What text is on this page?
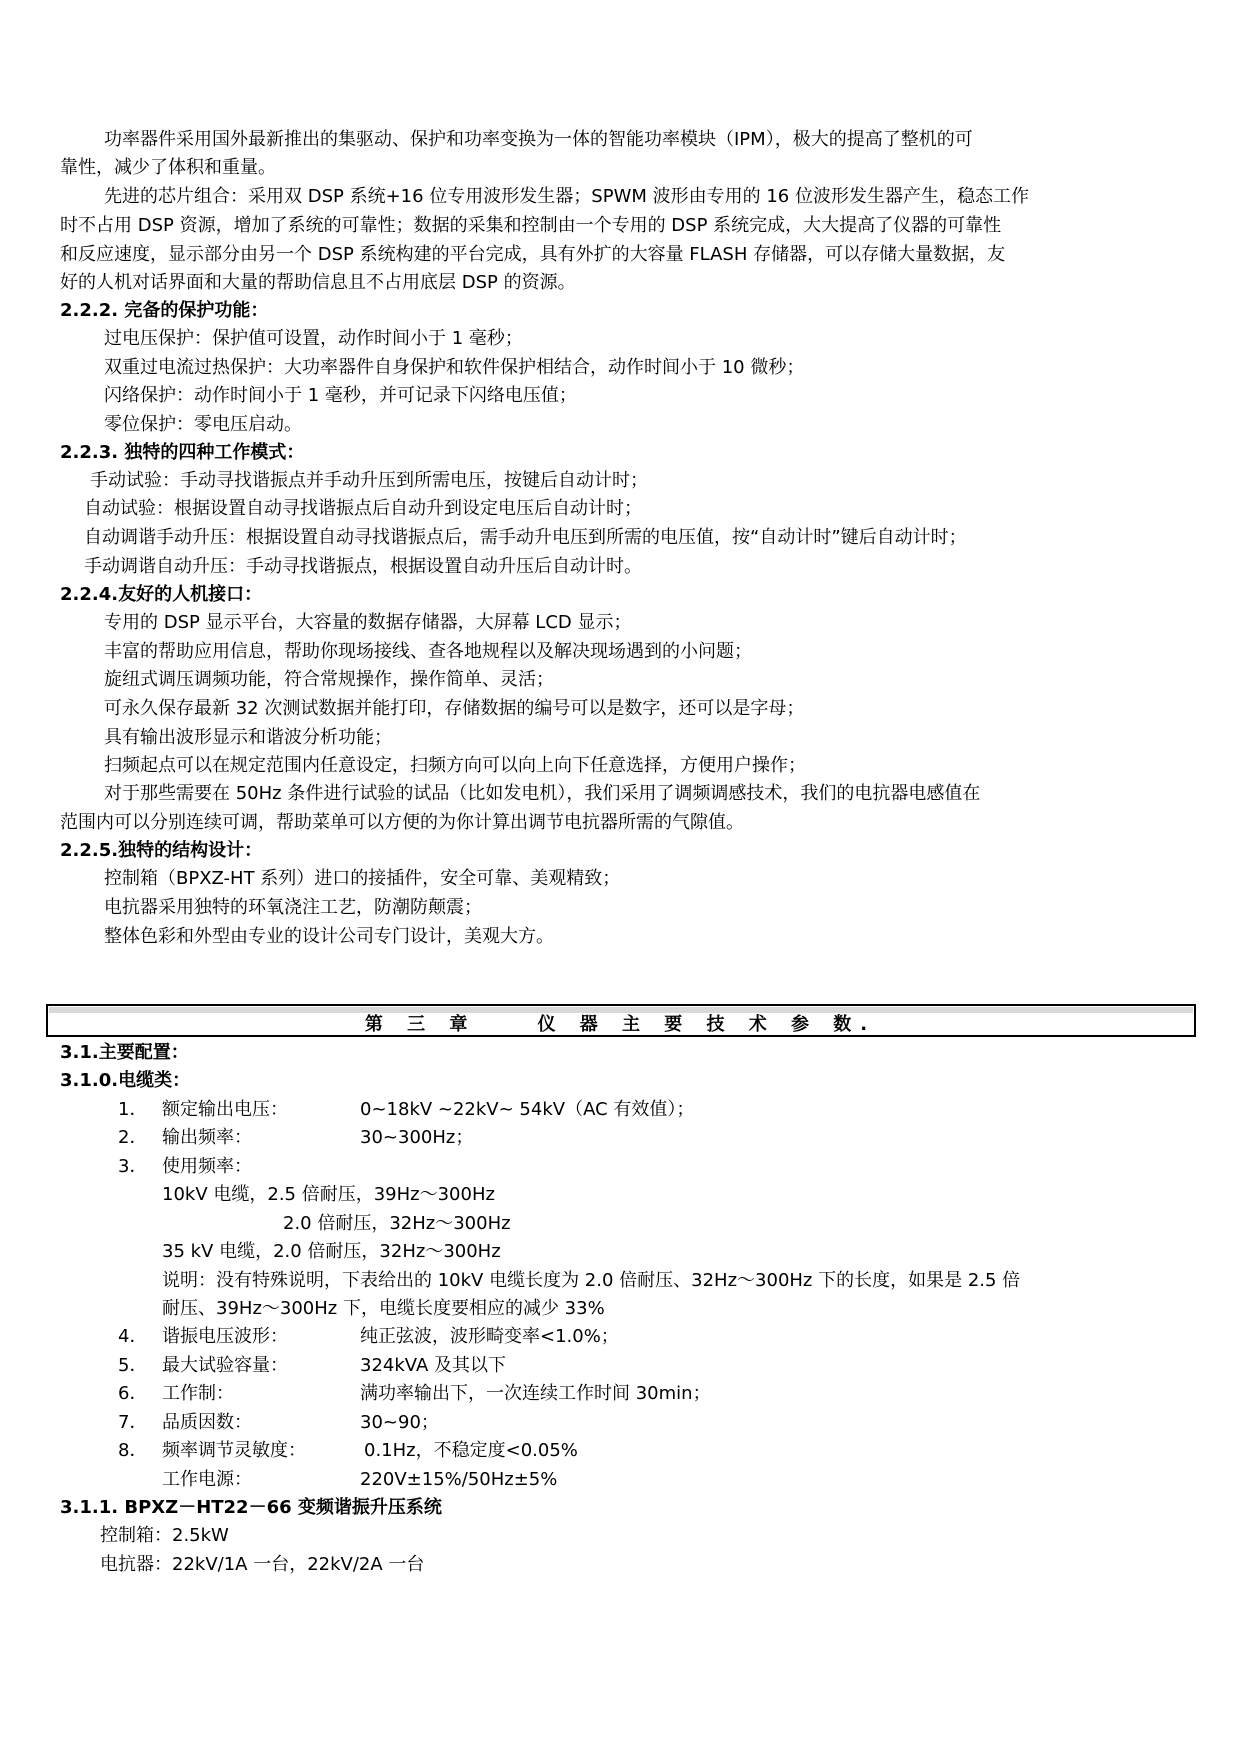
功率器件采用国外最新推出的集驱动、保护和功率变换为一体的智能功率模块（IPM），极大的提高了整机的可
靠性，减少了体积和重量。
先进的芯片组合：采用双 DSP 系统+16 位专用波形发生器；SPWM 波形由专用的 16 位波形发生器产生，稳态工作
时不占用 DSP 资源，增加了系统的可靠性；数据的采集和控制由一个专用的 DSP 系统完成，大大提高了仪器的可靠性
和反应速度，显示部分由另一个 DSP 系统构建的平台完成，具有外扩的大容量 FLASH 存储器，可以存储大量数据，友
好的人机对话界面和大量的帮助信息且不占用底层 DSP 的资源。
2.2.2. 完备的保护功能：
过电压保护：保护值可设置，动作时间小于 1 毫秒；
双重过电流过热保护：大功率器件自身保护和软件保护相结合，动作时间小于 10 微秒；
闪络保护：动作时间小于 1 毫秒，并可记录下闪络电压值；
零位保护：零电压启动。
2.2.3. 独特的四种工作模式：
手动试验：手动寻找谐振点并手动升压到所需电压，按键后自动计时；
自动试验：根据设置自动寻找谐振点后自动升到设定电压后自动计时；
自动调谐手动升压：根据设置自动寻找谐振点后，需手动升电压到所需的电压值，按“自动计时”键后自动计时；
手动调谐自动升压：手动寻找谐振点，根据设置自动升压后自动计时。
2.2.4.友好的人机接口：
专用的 DSP 显示平台，大容量的数据存储器，大屏幕 LCD 显示；
丰富的帮助应用信息，帮助你现场接线、查各地规程以及解决现场遇到的小问题；
旋纽式调压调频功能，符合常规操作，操作简单、灵活；
可永久保存最新 32 次测试数据并能打印，存储数据的编号可以是数字，还可以是字母；
具有输出波形显示和谐波分析功能；
扫频起点可以在规定范围内任意设定，扫频方向可以向上向下任意选择，方便用户操作；
对于那些需要在 50Hz 条件进行试验的试品（比如发电机），我们采用了调频调感技术，我们的电抗器电感值在
范围内可以分别连续可调，帮助菜单可以方便的为你计算出调节电抗器所需的气隙值。
2.2.5.独特的结构设计：
控制箱（BPXZ-HT 系列）进口的接插件，安全可靠、美观精致；
电抗器采用独特的环氧浇注工艺，防潮防颠震；
整体色彩和外型由专业的设计公司专门设计，美观大方。
第 三 章    仪 器 主 要 技 术 参 数.
3.1.主要配置：
3.1.0.电缆类：
1． 额定输出电压：	0~18kV ~22kV~ 54kV（AC 有效值）；
2． 输出频率：	30~300Hz；
3． 使用频率：
10kV 电缆，2.5 倍耐压，39Hz～300Hz
2.0 倍耐压，32Hz～300Hz
35 kV 电缆，2.0 倍耐压，32Hz～300Hz
说明：没有特殊说明，下表给出的 10kV 电缆长度为 2.0 倍耐压、32Hz～300Hz 下的长度，如果是 2.5 倍
耐压、39Hz～300Hz 下，电缆长度要相应的减少 33%
4． 谐振电压波形：	纯正弦波，波形畸变率<1.0%；
5． 最大试验容量：	324kVA 及其以下
6． 工作制：	满功率输出下，一次连续工作时间 30min；
7． 品质因数：	30~90；
8． 频率调节灵敏度：	0.1Hz，不稳定度<0.05%
工作电源：	220V±15%/50Hz±5%
3.1.1. BPXZ－HT22－66 变频谐振升压系统
控制箱：2.5kW
电抗器：22kV/1A 一台，22kV/2A 一台
